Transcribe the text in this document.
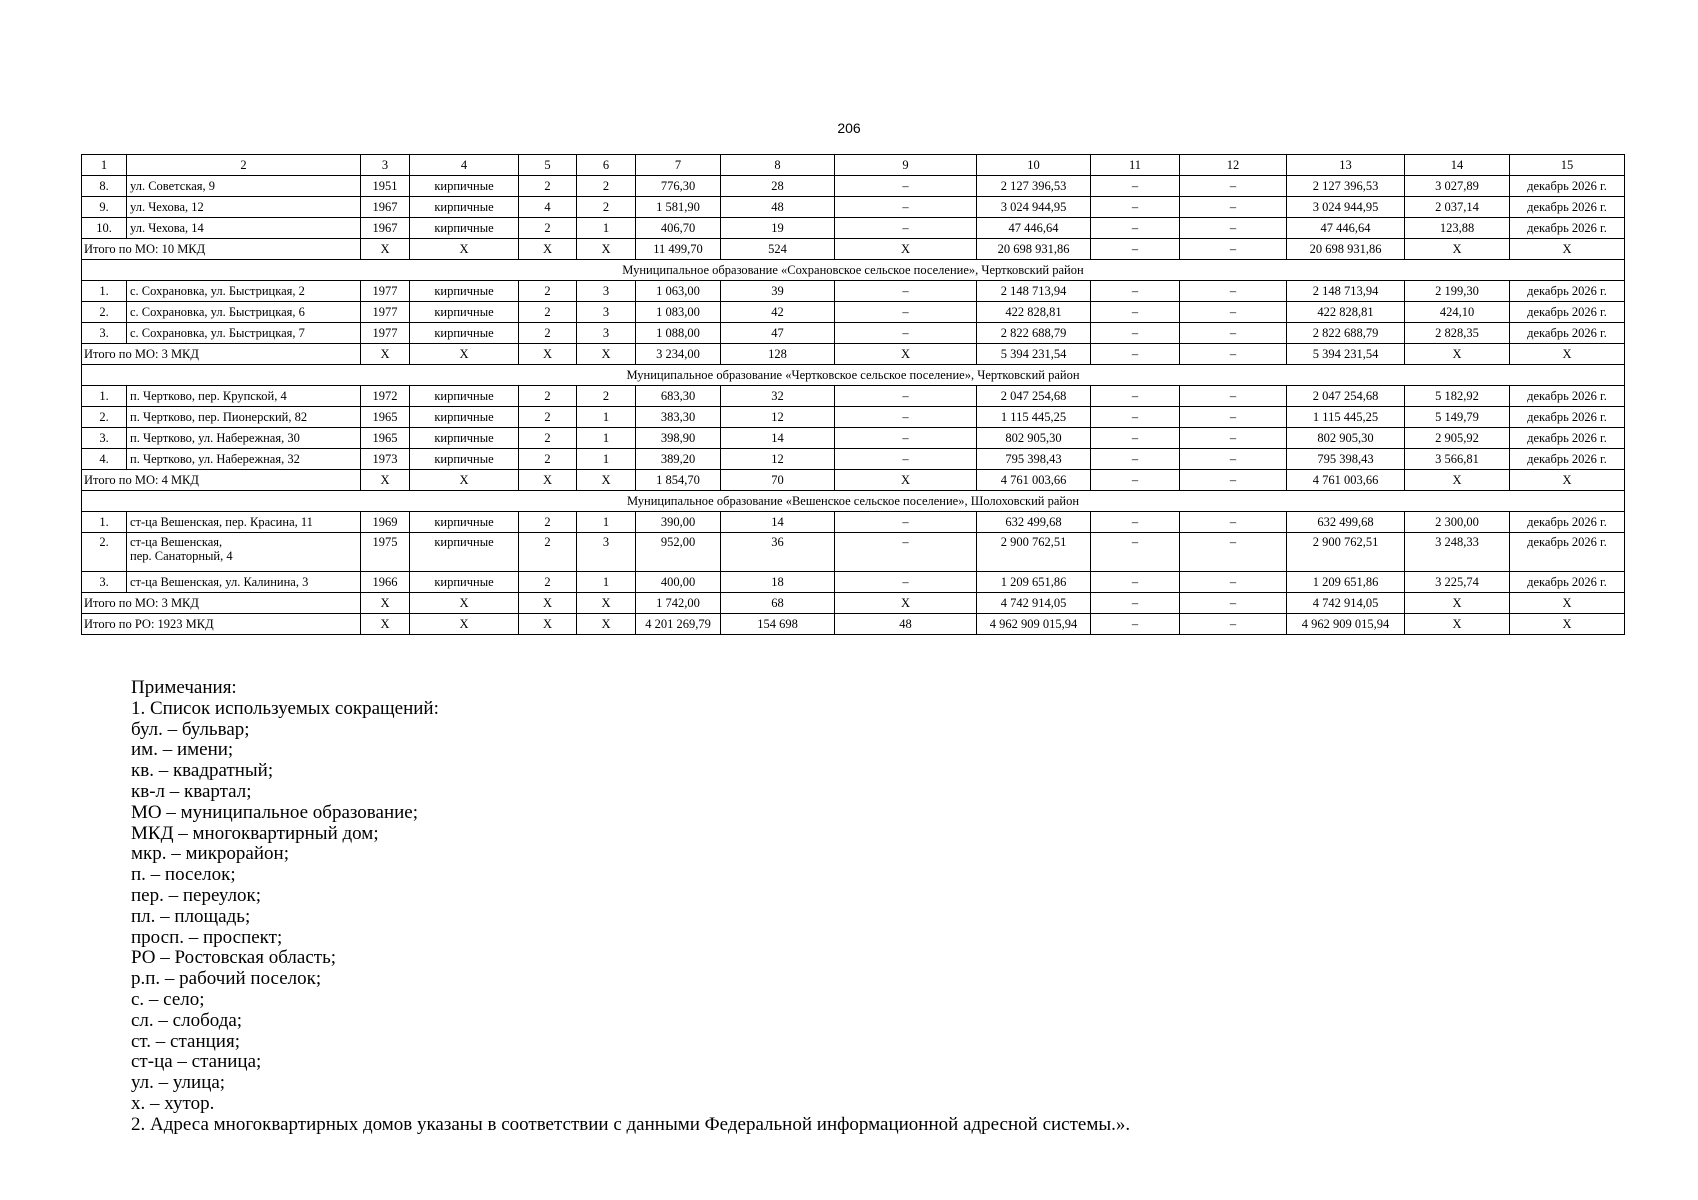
206
1	2	3	4	5	6	7	8	9	10	11	12	13	14	15
8.	ул. Советская, 9	1951	кирпичные	2	2	776,30	28	–	2 127 396,53	–	–	2 127 396,53	3 027,89	декабрь 2026 г.
9.	ул. Чехова, 12	1967	кирпичные	4	2	1 581,90	48	–	3 024 944,95	–	–	3 024 944,95	2 037,14	декабрь 2026 г.
10.	ул. Чехова, 14	1967	кирпичные	2	1	406,70	19	–	47 446,64	–	–	47 446,64	123,88	декабрь 2026 г.
Итого по МО: 10 МКД		X	X	X	X	11 499,70	524	X	20 698 931,86	–	–	20 698 931,86	X	X
Муниципальное образование «Сохрановское сельское поселение», Чертковский район														
1.	с. Сохрановка, ул. Быстрицкая, 2	1977	кирпичные	2	3	1 063,00	39	–	2 148 713,94	–	–	2 148 713,94	2 199,30	декабрь 2026 г.
2.	с. Сохрановка, ул. Быстрицкая, 6	1977	кирпичные	2	3	1 083,00	42	–	422 828,81	–	–	422 828,81	424,10	декабрь 2026 г.
3.	с. Сохрановка, ул. Быстрицкая, 7	1977	кирпичные	2	3	1 088,00	47	–	2 822 688,79	–	–	2 822 688,79	2 828,35	декабрь 2026 г.
Итого по МО: 3 МКД		X	X	X	X	3 234,00	128	X	5 394 231,54	–	–	5 394 231,54	X	X
Муниципальное образование «Чертковское сельское поселение», Чертковский район														
1.	п. Чертково, пер. Крупской, 4	1972	кирпичные	2	2	683,30	32	–	2 047 254,68	–	–	2 047 254,68	5 182,92	декабрь 2026 г.
2.	п. Чертково, пер. Пионерский, 82	1965	кирпичные	2	1	383,30	12	–	1 115 445,25	–	–	1 115 445,25	5 149,79	декабрь 2026 г.
3.	п. Чертково, ул. Набережная, 30	1965	кирпичные	2	1	398,90	14	–	802 905,30	–	–	802 905,30	2 905,92	декабрь 2026 г.
4.	п. Чертково, ул. Набережная, 32	1973	кирпичные	2	1	389,20	12	–	795 398,43	–	–	795 398,43	3 566,81	декабрь 2026 г.
Итого по МО: 4 МКД		X	X	X	X	1 854,70	70	X	4 761 003,66	–	–	4 761 003,66	X	X
Муниципальное образование «Вешенское сельское поселение», Шолоховский район														
1.	ст-ца Вешенская, пер. Красина, 11	1969	кирпичные	2	1	390,00	14	–	632 499,68	–	–	632 499,68	2 300,00	декабрь 2026 г.
2.	ст-ца Вешенская,
пер. Санаторный, 4	1975	кирпичные	2	3	952,00	36	–	2 900 762,51	–	–	2 900 762,51	3 248,33	декабрь 2026 г.
3.	ст-ца Вешенская, ул. Калинина, 3	1966	кирпичные	2	1	400,00	18	–	1 209 651,86	–	–	1 209 651,86	3 225,74	декабрь 2026 г.
Итого по МО: 3 МКД		X	X	X	X	1 742,00	68	X	4 742 914,05	–	–	4 742 914,05	X	X
Итого по РО: 1923 МКД		X	X	X	X	4 201 269,79	154 698	48	4 962 909 015,94	–	–	4 962 909 015,94	X	X
Примечания:
1. Список используемых сокращений:
бул. – бульвар;
им. – имени;
кв. – квадратный;
кв-л – квартал;
МО – муниципальное образование;
МКД – многоквартирный дом;
мкр. – микрорайон;
п. – поселок;
пер. – переулок;
пл. – площадь;
просп. – проспект;
РО – Ростовская область;
р.п. – рабочий поселок;
с. – село;
сл. – слобода;
ст. – станция;
ст-ца – станица;
ул. – улица;
х. – хутор.
2. Адреса многоквартирных домов указаны в соответствии с данными Федеральной информационной адресной системы.».
